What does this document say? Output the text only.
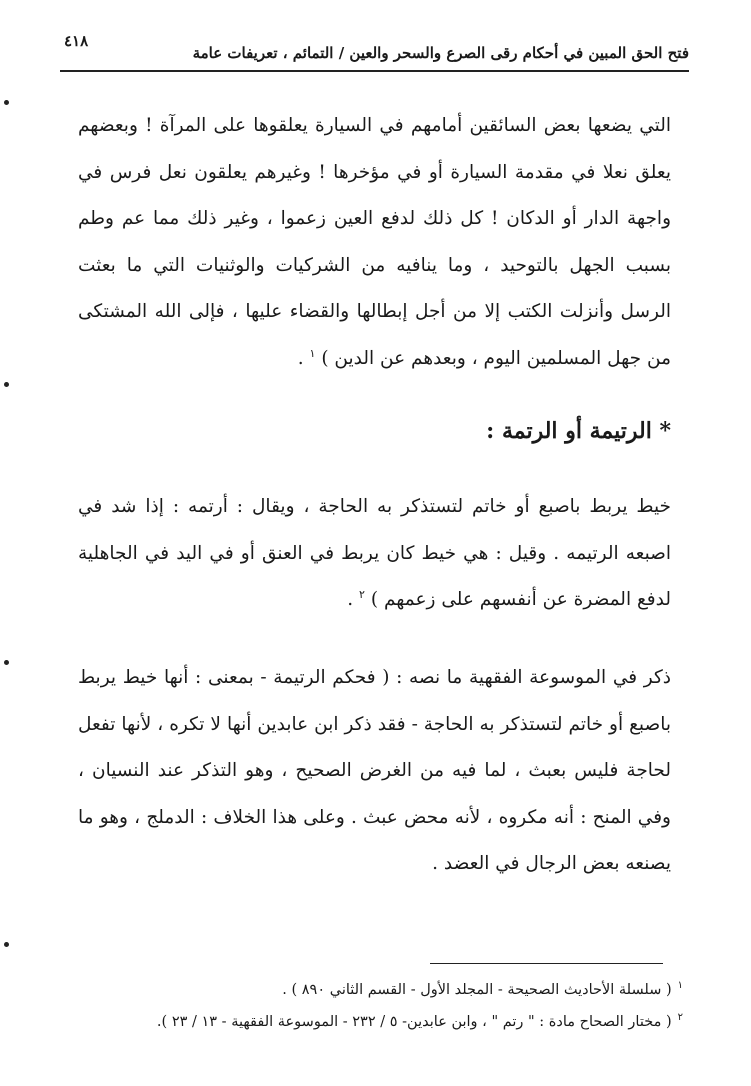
فتح الحق المبين في أحكام رقى الصرع والسحر والعين / التمائم ، تعريفات عامة
٤١٨

التي يضعها بعض السائقين أمامهم في السيارة يعلقوها على المرآة ! وبعضهم يعلق نعلا في مقدمة السيارة أو في مؤخرها ! وغيرهم يعلقون نعل فرس في واجهة الدار أو الدكان ! كل ذلك لدفع العين زعموا ، وغير ذلك مما عم وطم بسبب الجهل بالتوحيد ، وما ينافيه من الشركيات والوثنيات التي ما بعثت الرسل وأنزلت الكتب إلا من أجل إبطالها والقضاء عليها ، فإلى الله المشتكى من جهل المسلمين اليوم ، وبعدهم عن الدين ) $^١$ .

* الرتيمة أو الرتمة :

خيط يربط باصبع أو خاتم لتستذكر به الحاجة ، ويقال : أرتمه : إذا شد في اصبعه الرتيمه . وقيل : هي خيط كان يربط في العنق أو في اليد في الجاهلية لدفع المضرة عن أنفسهم على زعمهم ) $^٢$ .

ذكر في الموسوعة الفقهية ما نصه : ( فحكم الرتيمة - بمعنى : أنها خيط يربط باصبع أو خاتم لتستذكر به الحاجة - فقد ذكر ابن عابدين أنها لا تكره ، لأنها تفعل لحاجة فليس بعبث ، لما فيه من الغرض الصحيح ، وهو التذكر عند النسيان ، وفي المنح : أنه مكروه ، لأنه محض عبث . وعلى هذا الخلاف : الدملج ، وهو ما يصنعه بعض الرجال في العضد .

$^١$( سلسلة الأحاديث الصحيحة - المجلد الأول - القسم الثاني ٨٩٠ ) .

$^٢$( مختار الصحاح مادة : " رتم " ، وابن عابدين- ٥ / ٢٣٢ - الموسوعة الفقهية - ١٣ / ٢٣ ).
